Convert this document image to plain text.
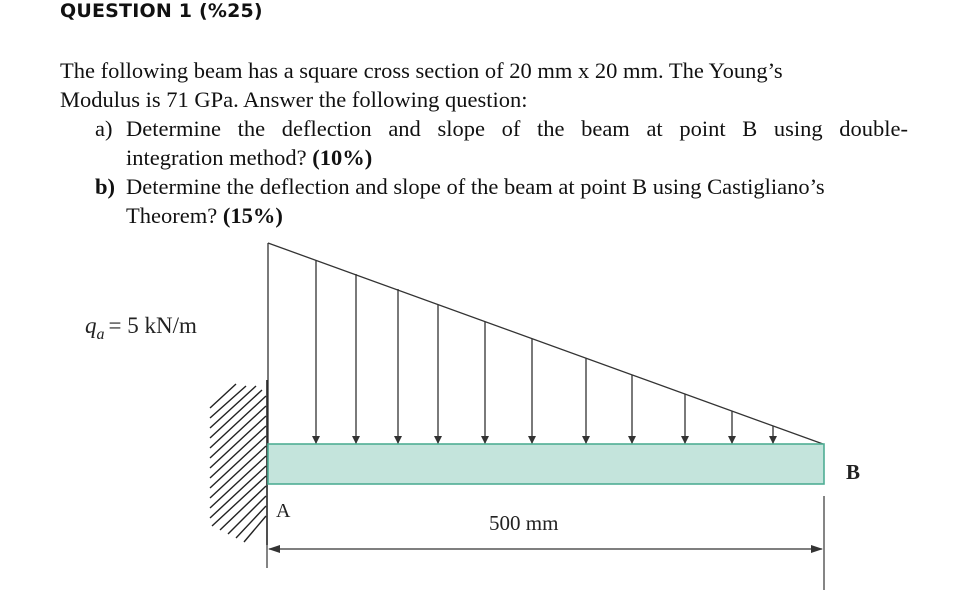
QUESTION 1 (%25)
The following beam has a square cross section of 20 mm x 20 mm. The Young’s
Modulus is 71 GPa. Answer the following question:
a) Determine the deflection and slope of the beam at point B using double-
integration method? (10%)
b) Determine the deflection and slope of the beam at point B using Castigliano’s
Theorem? (15%)
$q_a = 5$ kN/m
A
B
500 mm
